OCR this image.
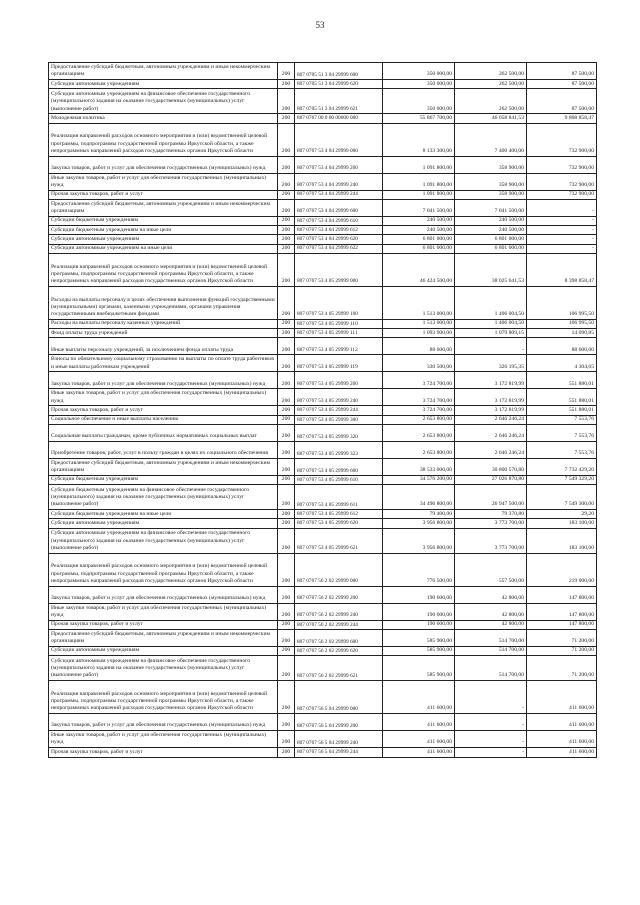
53
Предоставление субсидий бюджетным, автономным учреждениям и иным некоммерческим организациям	200	807 0705 51 3 04 29999 600	350 000,00	262 500,00	87 500,00
Субсидии автономным учреждениям	200	807 0705 51 3 04 29999 620	350 000,00	262 500,00	87 500,00
Субсидии автономным учреждениям на финансовое обеспечение государственного (муниципального) задания на оказание государственных (муниципальных) услуг (выполнение работ)	200	807 0705 51 3 04 29999 621	350 000,00	262 500,00	87 500,00
Молодежная политика	200	807 0707 00 0 00 00000 000	55 867 700,00	46 058 841,53	9 808 858,47
Реализация направлений расходов основного мероприятия и (или) ведомственной целевой программы, подпрограммы государственной программы Иркутской области, а также непрограммных направлений расходов государственных органов Иркутской области	200	807 0707 53 4 04 29999 000	8 133 300,00	7 400 400,00	732 900,00
Закупка товаров, работ и услуг для обеспечения государственных (муниципальных) нужд	200	807 0707 53 4 04 29999 200	1 091 800,00	358 900,00	732 900,00
Иные закупки товаров, работ и услуг для обеспечения государственных (муниципальных) нужд	200	807 0707 53 4 04 29999 240	1 091 800,00	358 900,00	732 900,00
Прочая закупка товаров, работ и услуг	200	807 0707 53 4 04 29999 244	1 091 800,00	358 900,00	732 900,00
Предоставление субсидий бюджетным, автономным учреждениям и иным некоммерческим организациям	200	807 0707 53 4 04 29999 600	7 041 500,00	7 041 500,00	-
Субсидии бюджетным учреждениям	200	807 0707 53 4 04 29999 610	240 500,00	240 500,00	-
Субсидии бюджетным учреждениям на иные цели	200	807 0707 53 4 04 29999 612	240 500,00	240 500,00	-
Субсидии автономным учреждениям	200	807 0707 53 4 04 29999 620	6 801 000,00	6 801 000,00	-
Субсидии автономным учреждениям на иные цели	200	807 0707 53 4 04 29999 622	6 801 000,00	6 801 000,00	-
Реализация направлений расходов основного мероприятия и (или) ведомственной целевой программы, подпрограммы государственной программы Иркутской области, а также непрограммных направлений расходов государственных органов Иркутской области	200	807 0707 53 4 05 29999 000	46 424 500,00	38 025 641,53	8 398 858,47
Расходы на выплаты персоналу в целях обеспечения выполнения функций государственными (муниципальными) органами, казенными учреждениями, органами управления государственными внебюджетными фондами	200	807 0707 53 4 05 29999 100	1 513 000,00	1 406 004,50	106 995,50
Расходы на выплаты персоналу казенных учреждений	200	807 0707 53 4 05 29999 110	1 513 000,00	1 406 004,50	106 995,50
Фонд оплаты труда учреждений	200	807 0707 53 4 05 29999 111	1 093 900,00	1 079 809,15	14 090,85
Иные выплаты персоналу учреждений, за исключением фонда оплаты труда	200	807 0707 53 4 05 29999 112	88 600,00	-	88 600,00
Взносы по обязательному социальному страхованию на выплаты по оплате труда работников и иные выплаты работникам учреждений	200	807 0707 53 4 05 29999 119	330 500,00	326 195,35	4 304,65
Закупка товаров, работ и услуг для обеспечения государственных (муниципальных) нужд	200	807 0707 53 4 05 29999 200	3 724 700,00	3 172 819,99	551 880,01
Иные закупки товаров, работ и услуг для обеспечения государственных (муниципальных) нужд	200	807 0707 53 4 05 29999 240	3 724 700,00	3 172 819,99	551 880,01
Прочая закупка товаров, работ и услуг	200	807 0707 53 4 05 29999 244	3 724 700,00	3 172 819,99	551 880,01
Социальное обеспечение и иные выплаты населению	200	807 0707 53 4 05 29999 300	2 653 800,00	2 646 246,24	7 553,76
Социальные выплаты гражданам, кроме публичных нормативных социальных выплат	200	807 0707 53 4 05 29999 320	2 653 800,00	2 646 246,24	7 553,76
Приобретение товаров, работ, услуг в пользу граждан в целях их социального обеспечения	200	807 0707 53 4 05 29999 323	2 653 800,00	2 646 246,24	7 553,76
Предоставление субсидий бюджетным, автономным учреждениям и иным некоммерческим организациям	200	807 0707 53 4 05 29999 600	38 533 000,00	30 800 570,80	7 732 429,20
Субсидии бюджетным учреждениям	200	807 0707 53 4 05 29999 610	34 576 200,00	27 026 870,80	7 549 329,20
Субсидии бюджетным учреждениям на финансовое обеспечение государственного (муниципального) задания на оказание государственных (муниципальных) услуг (выполнение работ)	200	807 0707 53 4 05 29999 611	34 496 800,00	26 947 500,00	7 549 300,00
Субсидии бюджетным учреждениям на иные цели	200	807 0707 53 4 05 29999 612	79 400,00	79 370,80	29,20
Субсидии автономным учреждениям	200	807 0707 53 4 05 29999 620	3 956 800,00	3 773 700,00	183 100,00
Субсидии автономным учреждениям на финансовое обеспечение государственного (муниципального) задания на оказание государственных (муниципальных) услуг (выполнение работ)	200	807 0707 53 4 05 29999 621	3 956 800,00	3 773 700,00	183 100,00
Реализация направлений расходов основного мероприятия и (или) ведомственной целевой программы, подпрограммы государственной программы Иркутской области, а также непрограммных направлений расходов государственных органов Иркутской области	200	807 0707 56 2 02 29999 000	776 500,00	557 500,00	219 000,00
Закупка товаров, работ и услуг для обеспечения государственных (муниципальных) нужд	200	807 0707 56 2 02 29999 200	190 600,00	42 800,00	147 800,00
Иные закупки товаров, работ и услуг для обеспечения государственных (муниципальных) нужд	200	807 0707 56 2 02 29999 240	190 600,00	42 800,00	147 800,00
Прочая закупка товаров, работ и услуг	200	807 0707 56 2 02 29999 244	190 600,00	42 800,00	147 800,00
Предоставление субсидий бюджетным, автономным учреждениям и иным некоммерческим организациям	200	807 0707 56 2 02 29999 600	585 900,00	514 700,00	71 200,00
Субсидии автономным учреждениям	200	807 0707 56 2 02 29999 620	585 900,00	514 700,00	71 200,00
Субсидии автономным учреждениям на финансовое обеспечение государственного (муниципального) задания на оказание государственных (муниципальных) услуг (выполнение работ)	200	807 0707 56 2 02 29999 621	585 900,00	514 700,00	71 200,00
Реализация направлений расходов основного мероприятия и (или) ведомственной целевой программы, подпрограммы государственной программы Иркутской области, а также непрограммных направлений расходов государственных органов Иркутской области	200	807 0707 56 5 04 29999 000	411 600,00	-	411 600,00
Закупка товаров, работ и услуг для обеспечения государственных (муниципальных) нужд	200	807 0707 56 5 04 29999 200	411 600,00	-	411 600,00
Иные закупки товаров, работ и услуг для обеспечения государственных (муниципальных) нужд	200	807 0707 56 5 04 29999 240	411 600,00	-	411 600,00
Прочая закупка товаров, работ и услуг	200	807 0707 56 5 04 29999 244	411 600,00	-	411 600,00
